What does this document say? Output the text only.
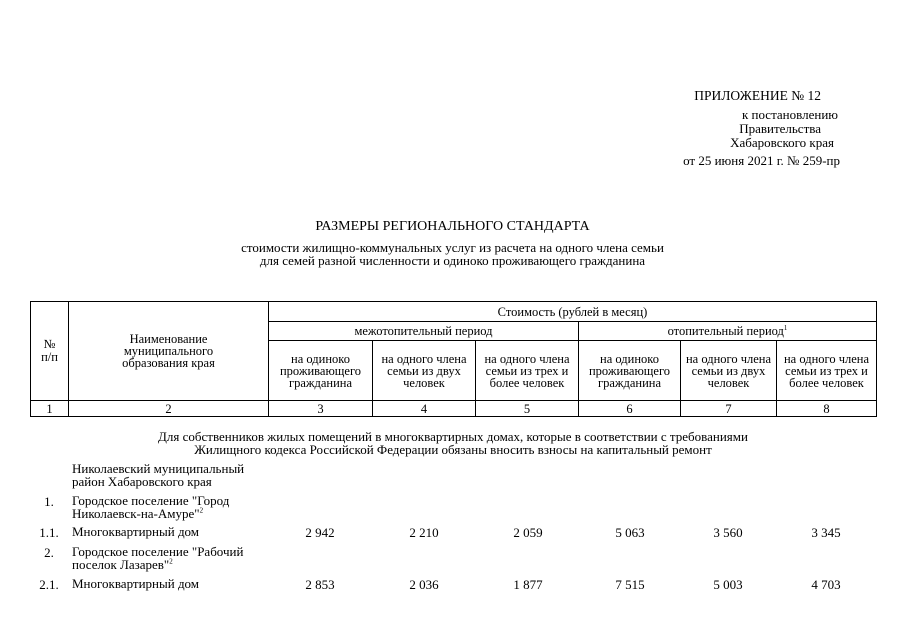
ПРИЛОЖЕНИЕ № 12
к постановлению
Правительства
Хабаровского края
от 25 июня 2021 г. № 259-пр
РАЗМЕРЫ РЕГИОНАЛЬНОГО СТАНДАРТА
стоимости жилищно-коммунальных услуг из расчета на одного члена семьи
для семей разной численности и одиноко проживающего гражданина
№
п/п	Наименование муниципального образования края	Стоимость (рублей в месяц)					
		межотопительный период			отопительный период$^1$
		на одиноко проживающего гражданина	на одного члена семьи из двух человек	на одного члена семьи из трех и более человек	на одиноко проживающего гражданина	на одного члена семьи из двух человек	на одного члена семьи из трех и более человек
1	2	3	4	5	6	7	8
Для собственников жилых помещений в многоквартирных домах, которые в соответствии с требованиями
Жилищного кодекса Российской Федерации обязаны вносить взносы на капитальный ремонт
Николаевский муниципальный район Хабаровского края
1.	Городское поселение "Город Николаевск-на-Амуре"$^2$
1.1.	Многоквартирный дом	2 942	2 210	2 059	5 063	3 560	3 345
2.	Городское поселение "Рабочий поселок Лазарев"$^2$
2.1.	Многоквартирный дом	2 853	2 036	1 877	7 515	5 003	4 703
